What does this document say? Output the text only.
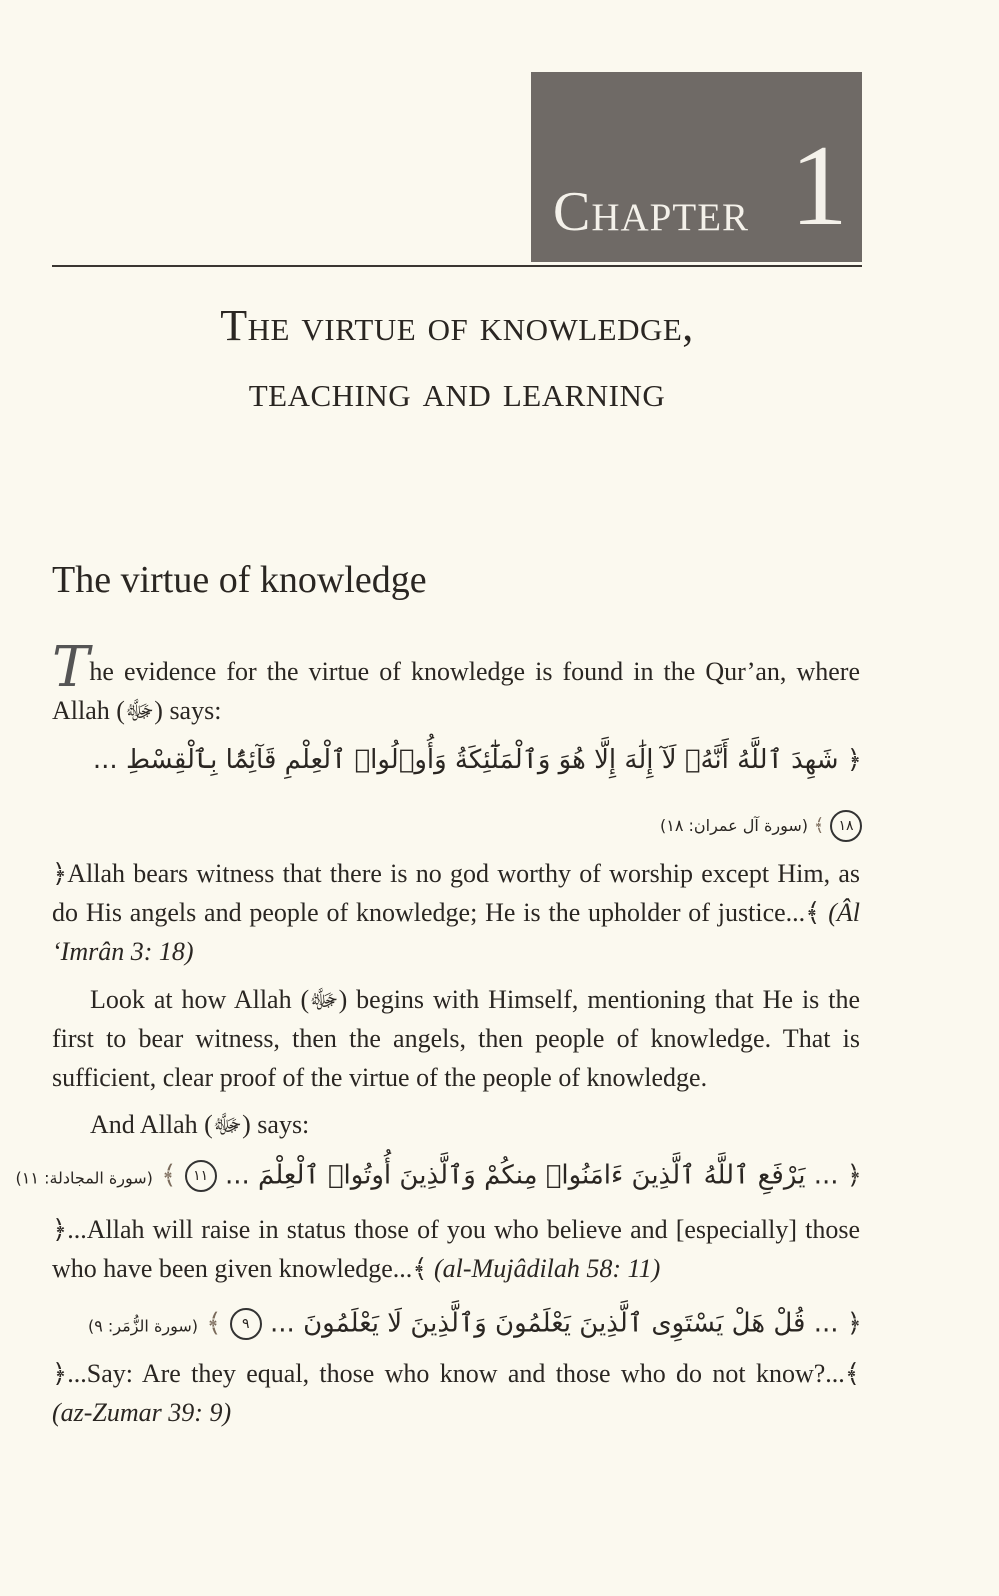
Chapter 1
The virtue of knowledge,
teaching and learning
The virtue of knowledge
The evidence for the virtue of knowledge is found in the Qur’an, where Allah (ﷻ) says:
﴿ شَهِدَ ٱللَّهُ أَنَّهُۥ لَآ إِلَٰهَ إِلَّا هُوَ وَٱلْمَلَٰٓئِكَةُ وَأُو۟لُوا۟ ٱلْعِلْمِ قَآئِمًۢا بِٱلْقِسْطِ ...
١٨ ﴾ (سورة آل عمران: ١٨)
﴿Allah bears witness that there is no god worthy of worship except Him, as do His angels and people of knowledge; He is the upholder of justice...﴾ (Âl ‘Imrân 3: 18)
Look at how Allah (ﷻ) begins with Himself, mentioning that He is the first to bear witness, then the angels, then people of knowledge. That is sufficient, clear proof of the virtue of the people of knowledge.
And Allah (ﷻ) says:
﴿ ... يَرْفَعِ ٱللَّهُ ٱلَّذِينَ ءَامَنُوا۟ مِنكُمْ وَٱلَّذِينَ أُوتُوا۟ ٱلْعِلْمَ ... ١١ ﴾ (سورة المجادلة: ١١)
﴿...Allah will raise in status those of you who believe and [especially] those who have been given knowledge...﴾ (al-Mujâdilah 58: 11)
﴿ ... قُلْ هَلْ يَسْتَوِى ٱلَّذِينَ يَعْلَمُونَ وَٱلَّذِينَ لَا يَعْلَمُونَ ... ٩ ﴾ (سورة الزُّمَر: ٩)
﴿...Say: Are they equal, those who know and those who do not know?...﴾ (az-Zumar 39: 9)
